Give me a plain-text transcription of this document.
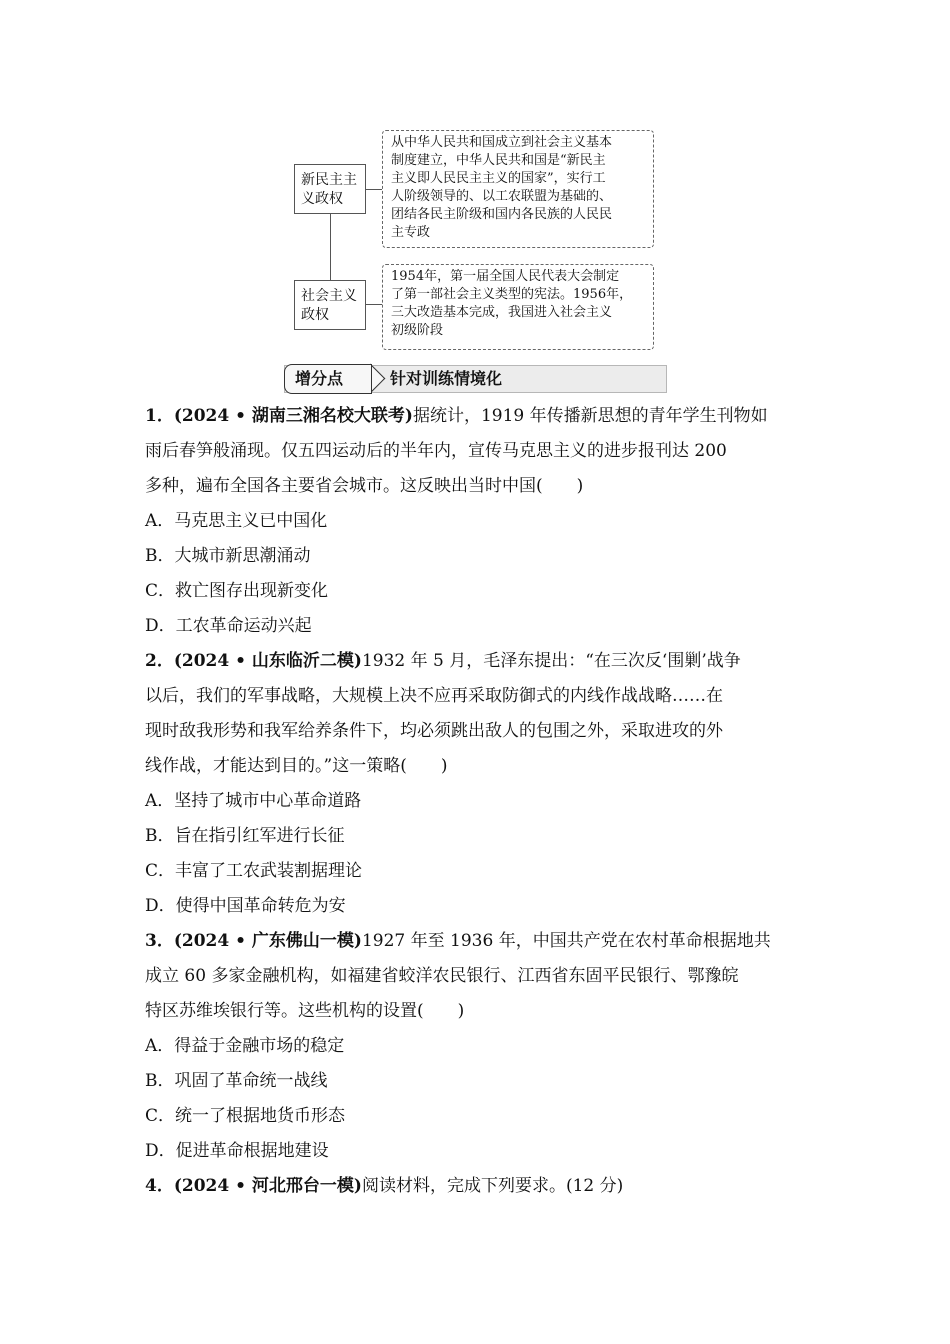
新民主主
义政权
社会主义
政权
从中华人民共和国成立到社会主义基本
制度建立，中华人民共和国是“新民主
主义即人民民主主义的国家”，实行工
人阶级领导的、以工农联盟为基础的、
团结各民主阶级和国内各民族的人民民
主专政
1954年，第一届全国人民代表大会制定
了第一部社会主义类型的宪法。1956年，
三大改造基本完成，我国进入社会主义
初级阶段
增分点	针对训练情境化
1．(2024 • 湖南三湘名校大联考)据统计，1919 年传播新思想的青年学生刊物如
雨后春笋般涌现。仅五四运动后的半年内，宣传马克思主义的进步报刊达 200
多种，遍布全国各主要省会城市。这反映出当时中国(　　)
A．马克思主义已中国化
B．大城市新思潮涌动
C．救亡图存出现新变化
D．工农革命运动兴起
2．(2024 • 山东临沂二模)1932 年 5 月，毛泽东提出：“在三次反‘围剿’战争
以后，我们的军事战略，大规模上决不应再采取防御式的内线作战战略……在
现时敌我形势和我军给养条件下，均必须跳出敌人的包围之外，采取进攻的外
线作战，才能达到目的。”这一策略(　　)
A．坚持了城市中心革命道路
B．旨在指引红军进行长征
C．丰富了工农武装割据理论
D．使得中国革命转危为安
3．(2024 • 广东佛山一模)1927 年至 1936 年，中国共产党在农村革命根据地共
成立 60 多家金融机构，如福建省蛟洋农民银行、江西省东固平民银行、鄂豫皖
特区苏维埃银行等。这些机构的设置(　　)
A．得益于金融市场的稳定
B．巩固了革命统一战线
C．统一了根据地货币形态
D．促进革命根据地建设
4．(2024 • 河北邢台一模)阅读材料，完成下列要求。(12 分)
